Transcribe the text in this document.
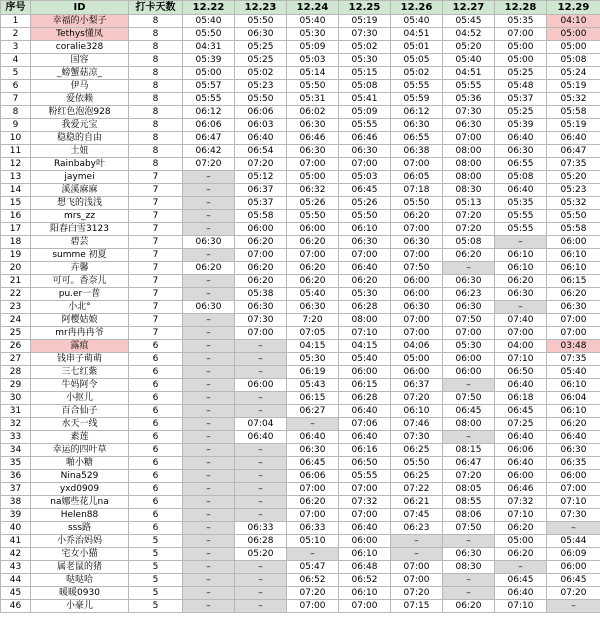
序号	ID	打卡天数	12.22	12.23	12.24	12.25	12.26	12.27	12.28	12.29
1	幸福的小梨子	8	05:40	05:50	05:40	05:19	05:40	05:45	05:35	04:10
2	Tethys懂凤	8	05:50	06:30	05:30	07:30	04:51	04:52	07:00	05:00
3	coralie328	8	04:31	05:25	05:09	05:02	05:01	05:20	05:00	05:00
4	国容	8	05:39	05:25	05:03	05:30	05:05	05:40	05:00	05:08
5	_螃蟹菇凉_	8	05:00	05:02	05:14	05:15	05:02	04:51	05:25	05:24
6	伊马	8	05:57	05:23	05:50	05:08	05:55	05:55	05:48	05:19
7	爱依赖	8	05:55	05:50	05:31	05:41	05:59	05:36	05:37	05:32
8	粉红色泡泡928	8	06:12	06:06	06:02	05:09	06:12	07:30	05:25	05:58
9	我爱元宝	8	06:06	06:03	06:30	05:55	06:30	06:30	05:39	05:19
10	稳稳的自由	8	06:47	06:40	06:46	06:46	06:55	07:00	06:40	06:40
11	土妞	8	06:42	06:54	06:30	06:30	06:38	08:00	06:30	06:47
12	Rainbaby叶	8	07:20	07:20	07:00	07:00	07:00	08:00	06:55	07:35
13	jaymei	7	–	05:12	05:00	05:03	06:05	08:00	05:08	05:20
14	溪溪麻麻	7	–	06:37	06:32	06:45	07:18	08:30	06:40	05:23
15	想飞的浅浅	7	–	05:37	05:26	05:26	05:50	05:13	05:35	05:32
16	mrs_zz	7	–	05:58	05:50	05:50	06:20	07:20	05:55	05:50
17	阳春白雪3123	7	–	06:00	06:00	06:10	07:00	07:20	05:55	05:58
18	碧芸	7	06:30	06:20	06:20	06:30	06:30	05:08	–	06:00
19	summe 初夏	7	–	07:00	07:00	07:00	07:00	06:20	06:10	06:10
20	卉馨	7	06:20	06:20	06:20	06:40	07:50	–	06:10	06:10
21	可可。香奈儿	7	–	06:20	06:20	06:20	06:00	06:30	06:20	06:15
22	pu.er一普	7	–	05:38	05:40	05:30	06:00	06:23	06:30	06:20
23	小北°	7	06:30	06:30	06:30	06:28	06:30	06:30	–	06:30
24	阿樱姑娘	7	–	07:30	7:20	08:00	07:00	07:50	07:40	07:00
25	mr冉冉冉爷	7	–	07:00	07:05	07:10	07:00	07:00	07:00	07:00
26	露痕	6	–	–	04:15	04:15	04:06	05:30	04:00	03:48
27	钱串子萌萌	6	–	–	05:30	05:40	05:00	06:00	07:10	07:35
28	三七红紫	6	–	–	06:19	06:00	06:00	06:00	06:50	05:40
29	牛妈阿令	6	–	06:00	05:43	06:15	06:37	–	06:40	06:10
30	小抠儿	6	–	–	06:15	06:28	07:20	07:50	06:18	06:04
31	百合仙子	6	–	–	06:27	06:40	06:10	06:45	06:45	06:10
32	水天一线	6	–	07:04	–	07:06	07:46	08:00	07:25	06:20
33	素莲	6	–	06:40	06:40	06:40	07:30	–	06:40	06:40
34	幸运的四叶草	6	–	–	06:30	06:16	06:25	08:15	06:06	06:30
35	啪小糖	6	–	–	06:45	06:50	05:50	06:47	06:40	06:35
36	Nina529	6	–	–	06:06	05:55	06:25	07:20	06:00	06:00
37	yxd0909	6	–	–	07:00	07:00	07:22	08:05	06:46	07:00
38	na娜些花儿na	6	–	–	06:20	07:32	06:21	08:55	07:32	07:10
39	Helen88	6	–	–	07:00	07:00	07:45	08:06	07:10	07:30
40	sss路	6	–	06:33	06:33	06:40	06:23	07:50	06:20	–
41	小乔治妈妈	5	–	06:28	05:10	06:00	–	–	05:00	05:44
42	宅女小猫	5	–	05:20	–	06:10	–	06:30	06:20	06:09
43	属老鼠的猪	5	–	–	05:47	06:48	07:00	08:30	–	06:00
44	哒哒哈	5	–	–	06:52	06:52	07:00	–	06:45	06:45
45	暖暖0930	5	–	–	07:20	06:10	07:20	–	06:40	07:20
46	小豪儿	5	–	–	07:00	07:00	07:15	06:20	07:10	–
